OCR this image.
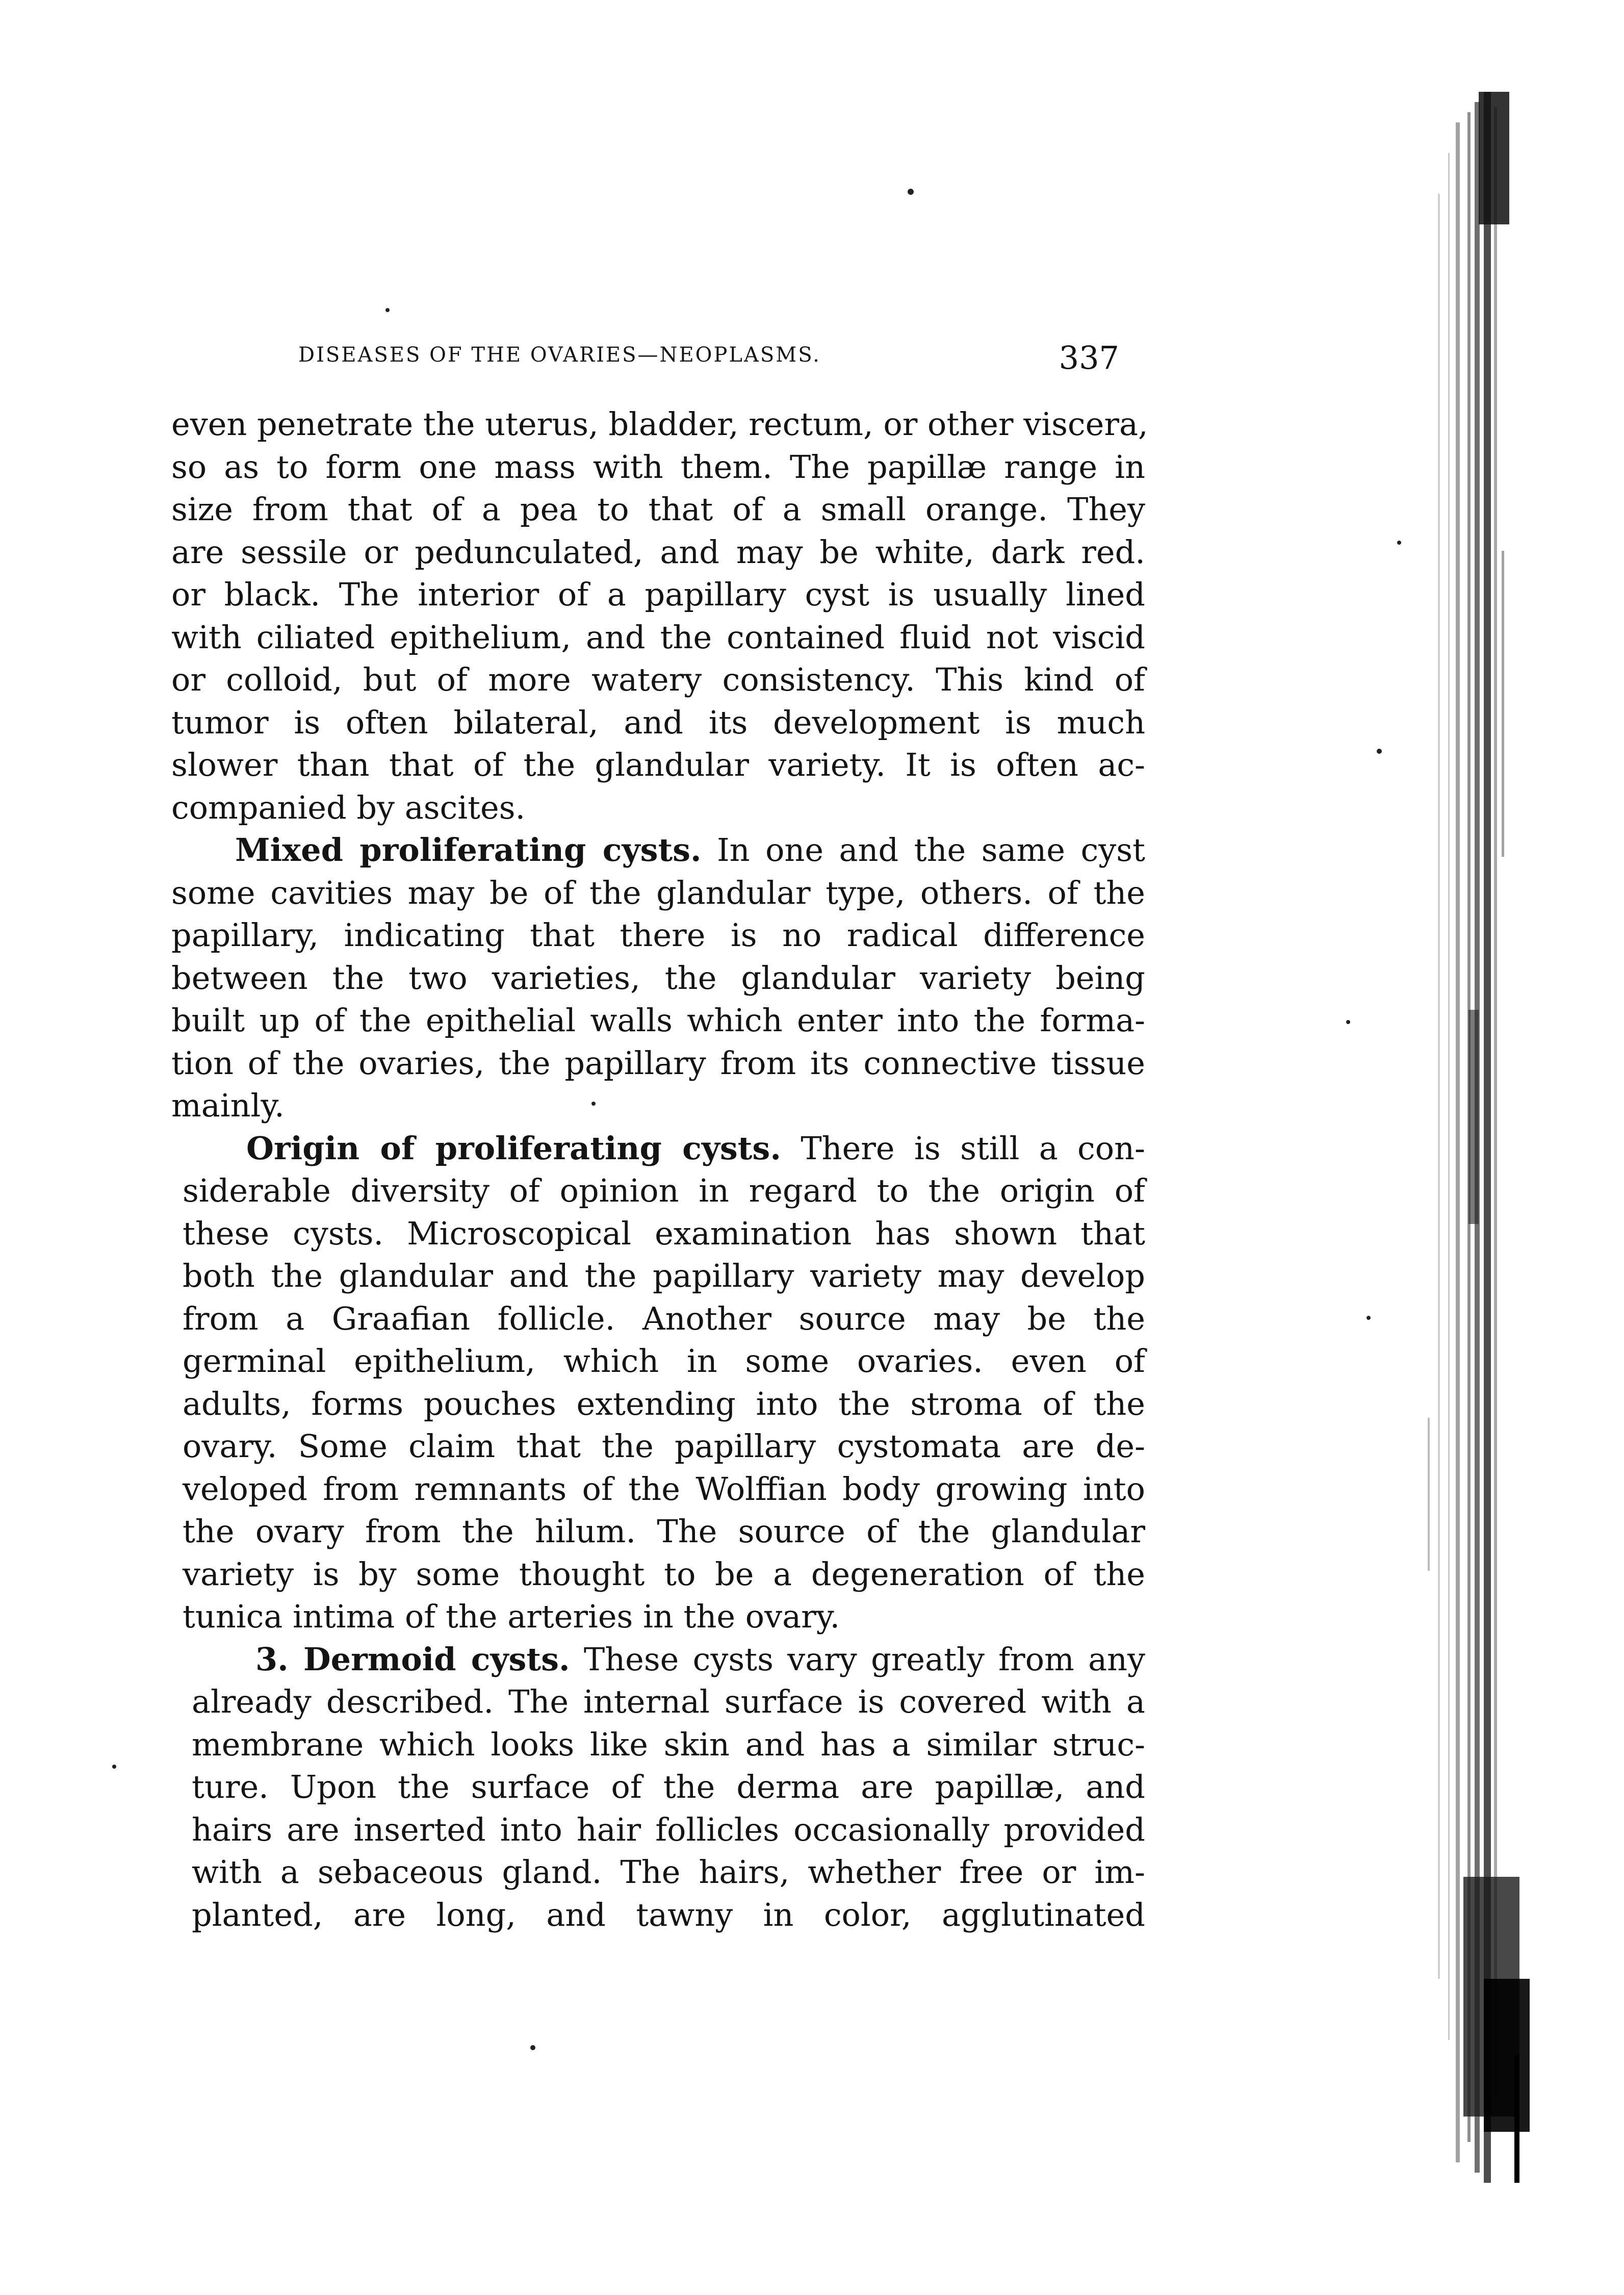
DISEASES OF THE OVARIES—NEOPLASMS.	337
even penetrate the uterus, bladder, rectum, or other viscera,
so as to form one mass with them. The papillæ range in
size from that of a pea to that of a small orange. They
are sessile or pedunculated, and may be white, dark red.
or black. The interior of a papillary cyst is usually lined
with ciliated epithelium, and the contained fluid not viscid
or colloid, but of more watery consistency. This kind of
tumor is often bilateral, and its development is much
slower than that of the glandular variety. It is often ac-
companied by ascites.
Mixed proliferating cysts. In one and the same cyst
some cavities may be of the glandular type, others. of the
papillary, indicating that there is no radical difference
between the two varieties, the glandular variety being
built up of the epithelial walls which enter into the forma-
tion of the ovaries, the papillary from its connective tissue
mainly.
Origin of proliferating cysts. There is still a con-
siderable diversity of opinion in regard to the origin of
these cysts. Microscopical examination has shown that
both the glandular and the papillary variety may develop
from a Graafian follicle. Another source may be the
germinal epithelium, which in some ovaries. even of
adults, forms pouches extending into the stroma of the
ovary. Some claim that the papillary cystomata are de-
veloped from remnants of the Wolffian body growing into
the ovary from the hilum. The source of the glandular
variety is by some thought to be a degeneration of the
tunica intima of the arteries in the ovary.
3. Dermoid cysts. These cysts vary greatly from any
already described. The internal surface is covered with a
membrane which looks like skin and has a similar struc-
ture. Upon the surface of the derma are papillæ, and
hairs are inserted into hair follicles occasionally provided
with a sebaceous gland. The hairs, whether free or im-
planted, are long, and tawny in color, agglutinated
